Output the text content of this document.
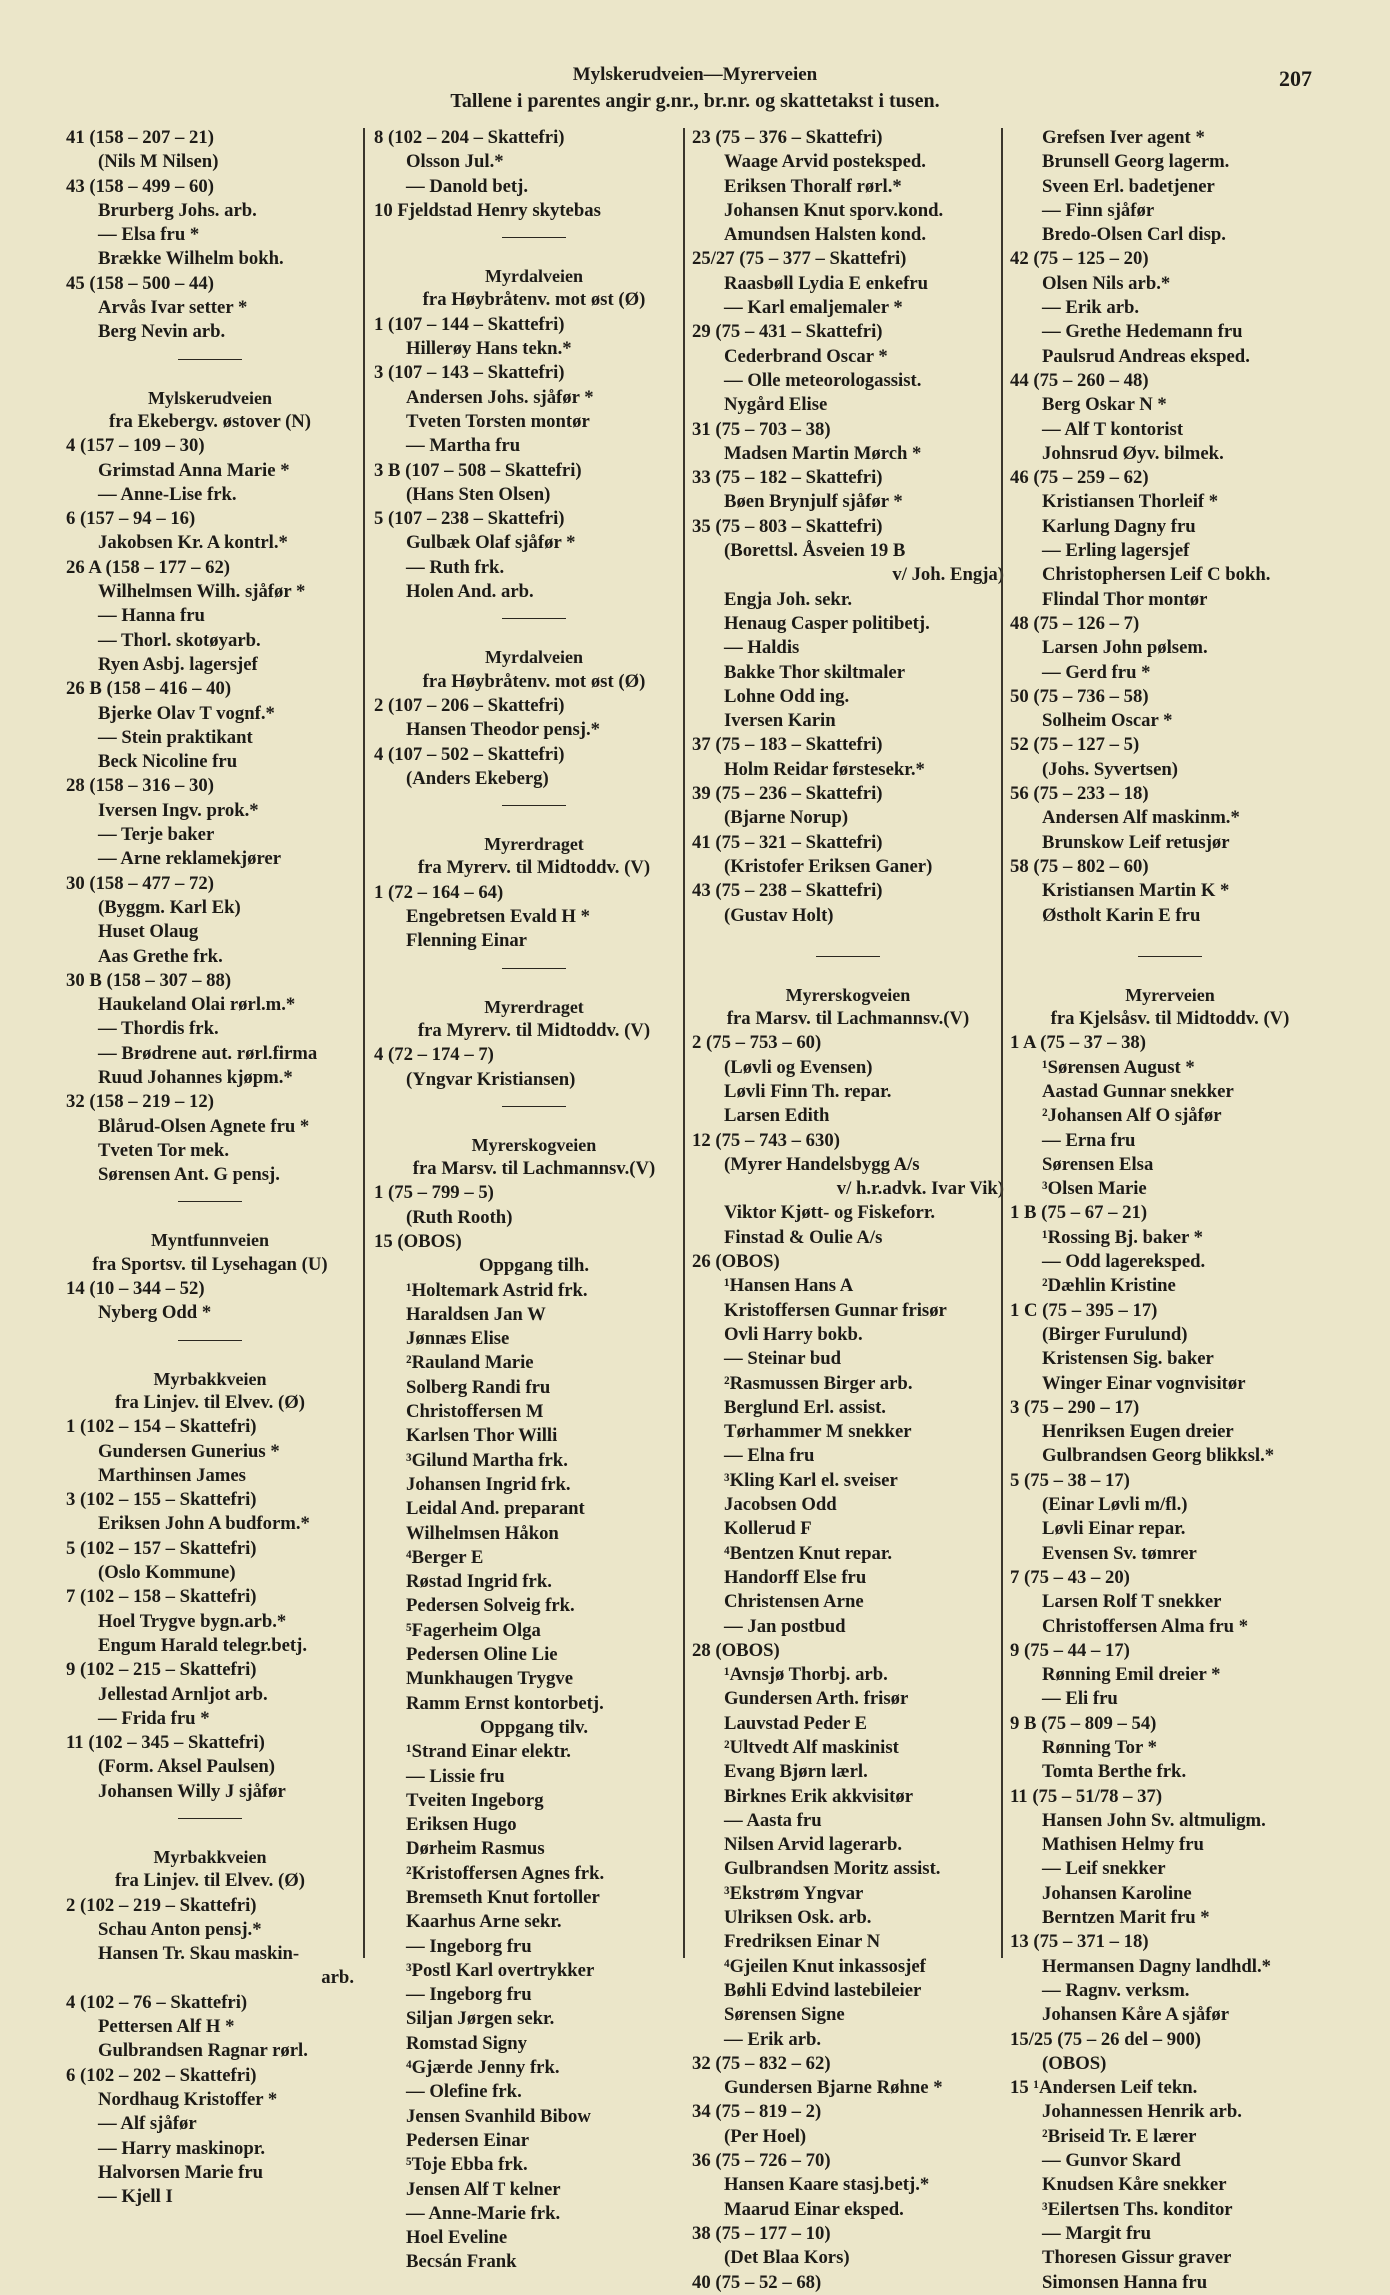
Mylskerudveien—Myrerveien
Tallene i parentes angir g.nr., br.nr. og skattetakst i tusen.
207
41 (158 – 207 – 21)
(Nils M Nilsen)
43 (158 – 499 – 60)
Brurberg Johs. arb.
— Elsa fru *
Brække Wilhelm bokh.
45 (158 – 500 – 44)
Arvås Ivar setter *
Berg Nevin arb.
Mylskerudveien
fra Ekebergv. østover (N)
4 (157 – 109 – 30)
Grimstad Anna Marie *
— Anne-Lise frk.
6 (157 – 94 – 16)
Jakobsen Kr. A kontrl.*
26 A (158 – 177 – 62)
Wilhelmsen Wilh. sjåfør *
— Hanna fru
— Thorl. skotøyarb.
Ryen Asbj. lagersjef
26 B (158 – 416 – 40)
Bjerke Olav T vognf.*
— Stein praktikant
Beck Nicoline fru
28 (158 – 316 – 30)
Iversen Ingv. prok.*
— Terje baker
— Arne reklamekjører
30 (158 – 477 – 72)
(Byggm. Karl Ek)
Huset Olaug
Aas Grethe frk.
30 B (158 – 307 – 88)
Haukeland Olai rørl.m.*
— Thordis frk.
— Brødrene aut. rørl.firma
Ruud Johannes kjøpm.*
32 (158 – 219 – 12)
Blårud-Olsen Agnete fru *
Tveten Tor mek.
Sørensen Ant. G pensj.
Myntfunnveien
fra Sportsv. til Lysehagan (U)
14 (10 – 344 – 52)
Nyberg Odd *
Myrbakkveien
fra Linjev. til Elvev. (Ø)
1 (102 – 154 – Skattefri)
Gundersen Gunerius *
Marthinsen James
3 (102 – 155 – Skattefri)
Eriksen John A budform.*
5 (102 – 157 – Skattefri)
(Oslo Kommune)
7 (102 – 158 – Skattefri)
Hoel Trygve bygn.arb.*
Engum Harald telegr.betj.
9 (102 – 215 – Skattefri)
Jellestad Arnljot arb.
— Frida fru *
11 (102 – 345 – Skattefri)
(Form. Aksel Paulsen)
Johansen Willy J sjåfør
Myrbakkveien
fra Linjev. til Elvev. (Ø)
2 (102 – 219 – Skattefri)
Schau Anton pensj.*
Hansen Tr. Skau maskin-
arb.
4 (102 – 76 – Skattefri)
Pettersen Alf H *
Gulbrandsen Ragnar rørl.
6 (102 – 202 – Skattefri)
Nordhaug Kristoffer *
— Alf sjåfør
— Harry maskinopr.
Halvorsen Marie fru
— Kjell I
8 (102 – 204 – Skattefri)
Olsson Jul.*
— Danold betj.
10 Fjeldstad Henry skytebas
Myrdalveien
fra Høybråtenv. mot øst (Ø)
1 (107 – 144 – Skattefri)
Hillerøy Hans tekn.*
3 (107 – 143 – Skattefri)
Andersen Johs. sjåfør *
Tveten Torsten montør
— Martha fru
3 B (107 – 508 – Skattefri)
(Hans Sten Olsen)
5 (107 – 238 – Skattefri)
Gulbæk Olaf sjåfør *
— Ruth frk.
Holen And. arb.
Myrdalveien
fra Høybråtenv. mot øst (Ø)
2 (107 – 206 – Skattefri)
Hansen Theodor pensj.*
4 (107 – 502 – Skattefri)
(Anders Ekeberg)
Myrerdraget
fra Myrerv. til Midtoddv. (V)
1 (72 – 164 – 64)
Engebretsen Evald H *
Flenning Einar
Myrerdraget
fra Myrerv. til Midtoddv. (V)
4 (72 – 174 – 7)
(Yngvar Kristiansen)
Myrerskogveien
fra Marsv. til Lachmannsv.(V)
1 (75 – 799 – 5)
(Ruth Rooth)
15 (OBOS)
Oppgang tilh.
¹Holtemark Astrid frk.
Haraldsen Jan W
Jønnæs Elise
²Rauland Marie
Solberg Randi fru
Christoffersen M
Karlsen Thor Willi
³Gilund Martha frk.
Johansen Ingrid frk.
Leidal And. preparant
Wilhelmsen Håkon
⁴Berger E
Røstad Ingrid frk.
Pedersen Solveig frk.
⁵Fagerheim Olga
Pedersen Oline Lie
Munkhaugen Trygve
Ramm Ernst kontorbetj.
Oppgang tilv.
¹Strand Einar elektr.
— Lissie fru
Tveiten Ingeborg
Eriksen Hugo
Dørheim Rasmus
²Kristoffersen Agnes frk.
Bremseth Knut fortoller
Kaarhus Arne sekr.
— Ingeborg fru
³Postl Karl overtrykker
— Ingeborg fru
Siljan Jørgen sekr.
Romstad Signy
⁴Gjærde Jenny frk.
— Olefine frk.
Jensen Svanhild Bibow
Pedersen Einar
⁵Toje Ebba frk.
Jensen Alf T kelner
— Anne-Marie frk.
Hoel Eveline
Becsán Frank
23 (75 – 376 – Skattefri)
Waage Arvid posteksped.
Eriksen Thoralf rørl.*
Johansen Knut sporv.kond.
Amundsen Halsten kond.
25/27 (75 – 377 – Skattefri)
Raasbøll Lydia E enkefru
— Karl emaljemaler *
29 (75 – 431 – Skattefri)
Cederbrand Oscar *
— Olle meteorologassist.
Nygård Elise
31 (75 – 703 – 38)
Madsen Martin Mørch *
33 (75 – 182 – Skattefri)
Bøen Brynjulf sjåfør *
35 (75 – 803 – Skattefri)
(Borettsl. Åsveien 19 B
v/ Joh. Engja)
Engja Joh. sekr.
Henaug Casper politibetj.
— Haldis
Bakke Thor skiltmaler
Lohne Odd ing.
Iversen Karin
37 (75 – 183 – Skattefri)
Holm Reidar førstesekr.*
39 (75 – 236 – Skattefri)
(Bjarne Norup)
41 (75 – 321 – Skattefri)
(Kristofer Eriksen Ganer)
43 (75 – 238 – Skattefri)
(Gustav Holt)
Myrerskogveien
fra Marsv. til Lachmannsv.(V)
2 (75 – 753 – 60)
(Løvli og Evensen)
Løvli Finn Th. repar.
Larsen Edith
12 (75 – 743 – 630)
(Myrer Handelsbygg A/s
v/ h.r.advk. Ivar Vik)
Viktor Kjøtt- og Fiskeforr.
Finstad & Oulie A/s
26 (OBOS)
¹Hansen Hans A
Kristoffersen Gunnar frisør
Ovli Harry bokb.
— Steinar bud
²Rasmussen Birger arb.
Berglund Erl. assist.
Tørhammer M snekker
— Elna fru
³Kling Karl el. sveiser
Jacobsen Odd
Kollerud F
⁴Bentzen Knut repar.
Handorff Else fru
Christensen Arne
— Jan postbud
28 (OBOS)
¹Avnsjø Thorbj. arb.
Gundersen Arth. frisør
Lauvstad Peder E
²Ultvedt Alf maskinist
Evang Bjørn lærl.
Birknes Erik akkvisitør
— Aasta fru
Nilsen Arvid lagerarb.
Gulbrandsen Moritz assist.
³Ekstrøm Yngvar
Ulriksen Osk. arb.
Fredriksen Einar N
⁴Gjeilen Knut inkassosjef
Bøhli Edvind lastebileier
Sørensen Signe
— Erik arb.
32 (75 – 832 – 62)
Gundersen Bjarne Røhne *
34 (75 – 819 – 2)
(Per Hoel)
36 (75 – 726 – 70)
Hansen Kaare stasj.betj.*
Maarud Einar eksped.
38 (75 – 177 – 10)
(Det Blaa Kors)
40 (75 – 52 – 68)
Grefsen Iver agent *
Brunsell Georg lagerm.
Sveen Erl. badetjener
— Finn sjåfør
Bredo-Olsen Carl disp.
42 (75 – 125 – 20)
Olsen Nils arb.*
— Erik arb.
— Grethe Hedemann fru
Paulsrud Andreas eksped.
44 (75 – 260 – 48)
Berg Oskar N *
— Alf T kontorist
Johnsrud Øyv. bilmek.
46 (75 – 259 – 62)
Kristiansen Thorleif *
Karlung Dagny fru
— Erling lagersjef
Christophersen Leif C bokh.
Flindal Thor montør
48 (75 – 126 – 7)
Larsen John pølsem.
— Gerd fru *
50 (75 – 736 – 58)
Solheim Oscar *
52 (75 – 127 – 5)
(Johs. Syvertsen)
56 (75 – 233 – 18)
Andersen Alf maskinm.*
Brunskow Leif retusjør
58 (75 – 802 – 60)
Kristiansen Martin K *
Østholt Karin E fru
Myrerveien
fra Kjelsåsv. til Midtoddv. (V)
1 A (75 – 37 – 38)
¹Sørensen August *
Aastad Gunnar snekker
²Johansen Alf O sjåfør
— Erna fru
Sørensen Elsa
³Olsen Marie
1 B (75 – 67 – 21)
¹Rossing Bj. baker *
— Odd lagereksped.
²Dæhlin Kristine
1 C (75 – 395 – 17)
(Birger Furulund)
Kristensen Sig. baker
Winger Einar vognvisitør
3 (75 – 290 – 17)
Henriksen Eugen dreier
Gulbrandsen Georg blikksl.*
5 (75 – 38 – 17)
(Einar Løvli m/fl.)
Løvli Einar repar.
Evensen Sv. tømrer
7 (75 – 43 – 20)
Larsen Rolf T snekker
Christoffersen Alma fru *
9 (75 – 44 – 17)
Rønning Emil dreier *
— Eli fru
9 B (75 – 809 – 54)
Rønning Tor *
Tomta Berthe frk.
11 (75 – 51/78 – 37)
Hansen John Sv. altmuligm.
Mathisen Helmy fru
— Leif snekker
Johansen Karoline
Berntzen Marit fru *
13 (75 – 371 – 18)
Hermansen Dagny landhdl.*
— Ragnv. verksm.
Johansen Kåre A sjåfør
15/25 (75 – 26 del – 900)
(OBOS)
15 ¹Andersen Leif tekn.
Johannessen Henrik arb.
²Briseid Tr. E lærer
— Gunvor Skard
Knudsen Kåre snekker
³Eilertsen Ths. konditor
— Margit fru
Thoresen Gissur graver
Simonsen Hanna fru
